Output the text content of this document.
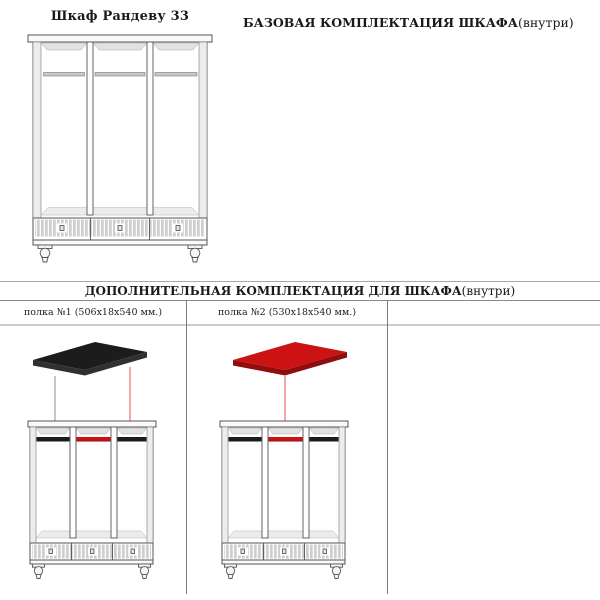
Шкаф Рандеву 33	БАЗОВАЯ КОМПЛЕКТАЦИЯ ШКАФА(внутри)
ДОПОЛНИТЕЛЬНАЯ КОМПЛЕКТАЦИЯ ДЛЯ ШКАФА(внутри)
полка №1 (506х18х540 мм.)	полка №2 (530х18х540 мм.)
